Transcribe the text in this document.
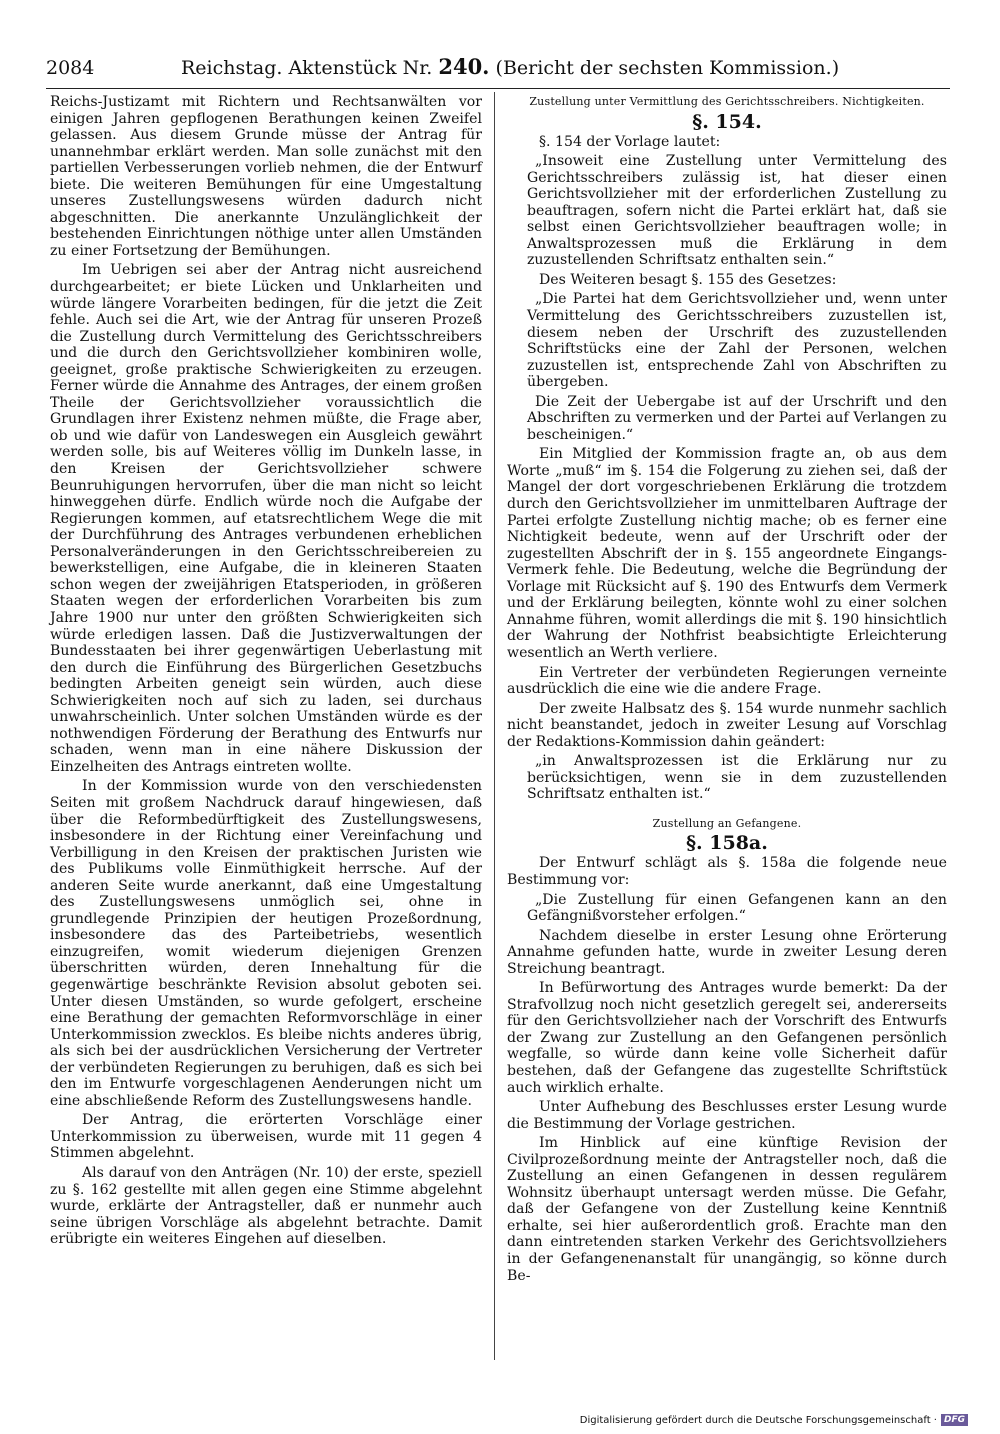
2084	Reichstag. Aktenstück Nr. 240. (Bericht der sechsten Kommission.)

Reichs-Justizamt mit Richtern und Rechtsanwälten vor einigen Jahren gepflogenen Berathungen keinen Zweifel gelassen. Aus diesem Grunde müsse der Antrag für unannehmbar erklärt werden. Man solle zunächst mit den partiellen Verbesserungen vorlieb nehmen, die der Entwurf biete. Die weiteren Bemühungen für eine Umgestaltung unseres Zustellungswesens würden dadurch nicht abgeschnitten. Die anerkannte Unzulänglichkeit der bestehenden Einrichtungen nöthige unter allen Umständen zu einer Fortsetzung der Bemühungen.

Im Uebrigen sei aber der Antrag nicht ausreichend durchgearbeitet; er biete Lücken und Unklarheiten und würde längere Vorarbeiten bedingen, für die jetzt die Zeit fehle. Auch sei die Art, wie der Antrag für unseren Prozeß die Zustellung durch Vermittelung des Gerichtsschreibers und die durch den Gerichtsvollzieher kombiniren wolle, geeignet, große praktische Schwierigkeiten zu erzeugen. Ferner würde die Annahme des Antrages, der einem großen Theile der Gerichtsvollzieher voraussichtlich die Grundlagen ihrer Existenz nehmen müßte, die Frage aber, ob und wie dafür von Landeswegen ein Ausgleich gewährt werden solle, bis auf Weiteres völlig im Dunkeln lasse, in den Kreisen der Gerichtsvollzieher schwere Beunruhigungen hervorrufen, über die man nicht so leicht hinweggehen dürfe. Endlich würde noch die Aufgabe der Regierungen kommen, auf etatsrechtlichem Wege die mit der Durchführung des Antrages verbundenen erheblichen Personalveränderungen in den Gerichtsschreibereien zu bewerkstelligen, eine Aufgabe, die in kleineren Staaten schon wegen der zweijährigen Etatsperioden, in größeren Staaten wegen der erforderlichen Vorarbeiten bis zum Jahre 1900 nur unter den größten Schwierigkeiten sich würde erledigen lassen. Daß die Justizverwaltungen der Bundesstaaten bei ihrer gegenwärtigen Ueberlastung mit den durch die Einführung des Bürgerlichen Gesetzbuchs bedingten Arbeiten geneigt sein würden, auch diese Schwierigkeiten noch auf sich zu laden, sei durchaus unwahrscheinlich. Unter solchen Umständen würde es der nothwendigen Förderung der Berathung des Entwurfs nur schaden, wenn man in eine nähere Diskussion der Einzelheiten des Antrags eintreten wollte.

In der Kommission wurde von den verschiedensten Seiten mit großem Nachdruck darauf hingewiesen, daß über die Reformbedürftigkeit des Zustellungswesens, insbesondere in der Richtung einer Vereinfachung und Verbilligung in den Kreisen der praktischen Juristen wie des Publikums volle Einmüthigkeit herrsche. Auf der anderen Seite wurde anerkannt, daß eine Umgestaltung des Zustellungswesens unmöglich sei, ohne in grundlegende Prinzipien der heutigen Prozeßordnung, insbesondere das des Parteibetriebs, wesentlich einzugreifen, womit wiederum diejenigen Grenzen überschritten würden, deren Innehaltung für die gegenwärtige beschränkte Revision absolut geboten sei. Unter diesen Umständen, so wurde gefolgert, erscheine eine Berathung der gemachten Reformvorschläge in einer Unterkommission zwecklos. Es bleibe nichts anderes übrig, als sich bei der ausdrücklichen Versicherung der Vertreter der verbündeten Regierungen zu beruhigen, daß es sich bei den im Entwurfe vorgeschlagenen Aenderungen nicht um eine abschließende Reform des Zustellungswesens handle.

Der Antrag, die erörterten Vorschläge einer Unterkommission zu überweisen, wurde mit 11 gegen 4 Stimmen abgelehnt.

Als darauf von den Anträgen (Nr. 10) der erste, speziell zu §. 162 gestellte mit allen gegen eine Stimme abgelehnt wurde, erklärte der Antragsteller, daß er nunmehr auch seine übrigen Vorschläge als abgelehnt betrachte. Damit erübrigte ein weiteres Eingehen auf dieselben.

Zustellung unter Vermittlung des Gerichtsschreibers. Nichtigkeiten.
§. 154.

§. 154 der Vorlage lautet:

„Insoweit eine Zustellung unter Vermittelung des Gerichtsschreibers zulässig ist, hat dieser einen Gerichtsvollzieher mit der erforderlichen Zustellung zu beauftragen, sofern nicht die Partei erklärt hat, daß sie selbst einen Gerichtsvollzieher beauftragen wolle; in Anwaltsprozessen muß die Erklärung in dem zuzustellenden Schriftsatz enthalten sein.“

Des Weiteren besagt §. 155 des Gesetzes:

„Die Partei hat dem Gerichtsvollzieher und, wenn unter Vermittelung des Gerichtsschreibers zuzustellen ist, diesem neben der Urschrift des zuzustellenden Schriftstücks eine der Zahl der Personen, welchen zuzustellen ist, entsprechende Zahl von Abschriften zu übergeben.

Die Zeit der Uebergabe ist auf der Urschrift und den Abschriften zu vermerken und der Partei auf Verlangen zu bescheinigen.“

Ein Mitglied der Kommission fragte an, ob aus dem Worte „muß“ im §. 154 die Folgerung zu ziehen sei, daß der Mangel der dort vorgeschriebenen Erklärung die trotzdem durch den Gerichtsvollzieher im unmittelbaren Auftrage der Partei erfolgte Zustellung nichtig mache; ob es ferner eine Nichtigkeit bedeute, wenn auf der Urschrift oder der zugestellten Abschrift der in §. 155 angeordnete Eingangs-Vermerk fehle. Die Bedeutung, welche die Begründung der Vorlage mit Rücksicht auf §. 190 des Entwurfs dem Vermerk und der Erklärung beilegten, könnte wohl zu einer solchen Annahme führen, womit allerdings die mit §. 190 hinsichtlich der Wahrung der Nothfrist beabsichtigte Erleichterung wesentlich an Werth verliere.

Ein Vertreter der verbündeten Regierungen verneinte ausdrücklich die eine wie die andere Frage.

Der zweite Halbsatz des §. 154 wurde nunmehr sachlich nicht beanstandet, jedoch in zweiter Lesung auf Vorschlag der Redaktions-Kommission dahin geändert:

„in Anwaltsprozessen ist die Erklärung nur zu berücksichtigen, wenn sie in dem zuzustellenden Schriftsatz enthalten ist.“

Zustellung an Gefangene.
§. 158a.

Der Entwurf schlägt als §. 158a die folgende neue Bestimmung vor:

„Die Zustellung für einen Gefangenen kann an den Gefängnißvorsteher erfolgen.“

Nachdem dieselbe in erster Lesung ohne Erörterung Annahme gefunden hatte, wurde in zweiter Lesung deren Streichung beantragt.

In Befürwortung des Antrages wurde bemerkt: Da der Strafvollzug noch nicht gesetzlich geregelt sei, andererseits für den Gerichtsvollzieher nach der Vorschrift des Entwurfs der Zwang zur Zustellung an den Gefangenen persönlich wegfalle, so würde dann keine volle Sicherheit dafür bestehen, daß der Gefangene das zugestellte Schriftstück auch wirklich erhalte.

Unter Aufhebung des Beschlusses erster Lesung wurde die Bestimmung der Vorlage gestrichen.

Im Hinblick auf eine künftige Revision der Civilprozeßordnung meinte der Antragsteller noch, daß die Zustellung an einen Gefangenen in dessen regulärem Wohnsitz überhaupt untersagt werden müsse. Die Gefahr, daß der Gefangene von der Zustellung keine Kenntniß erhalte, sei hier außerordentlich groß. Erachte man den dann eintretenden starken Verkehr des Gerichtsvollziehers in der Gefangenenanstalt für unangängig, so könne durch Be-

Digitalisierung gefördert durch die Deutsche Forschungsgemeinschaft · DFG
